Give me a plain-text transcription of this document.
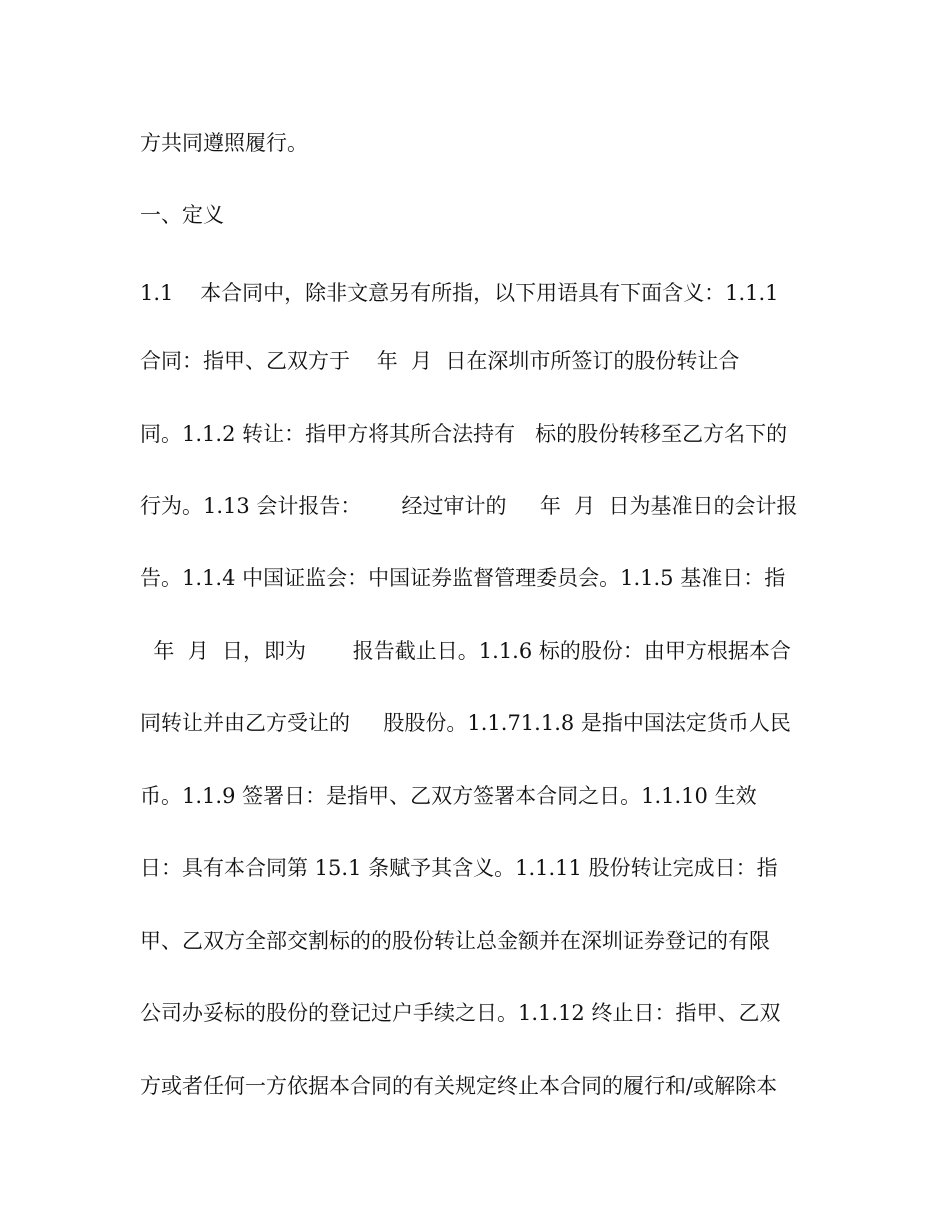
方共同遵照履行。
一、定义
1.1    本合同中，除非文意另有所指，以下用语具有下面含义：1.1.1
合同：指甲、乙双方于    年  月  日在深圳市所签订的股份转让合
同。1.1.2 转让：指甲方将其所合法持有   标的股份转移至乙方名下的
行为。1.13 会计报告：      经过审计的     年  月  日为基准日的会计报
告。1.1.4 中国证监会：中国证券监督管理委员会。1.1.5 基准日：指
年  月  日，即为       报告截止日。1.1.6 标的股份：由甲方根据本合
同转让并由乙方受让的     股股份。1.1.71.1.8 是指中国法定货币人民
币。1.1.9 签署日：是指甲、乙双方签署本合同之日。1.1.10 生效
日：具有本合同第 15.1 条赋予其含义。1.1.11 股份转让完成日：指
甲、乙双方全部交割标的的股份转让总金额并在深圳证券登记的有限
公司办妥标的股份的登记过户手续之日。1.1.12 终止日：指甲、乙双
方或者任何一方依据本合同的有关规定终止本合同的履行和/或解除本
